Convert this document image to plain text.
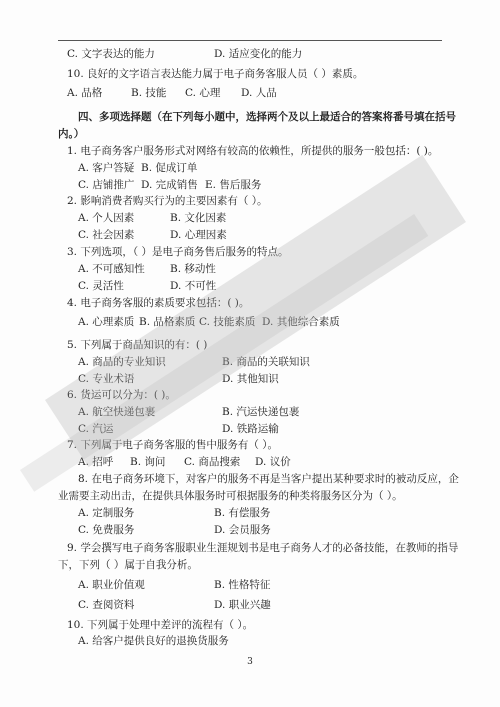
C. 文字表达的能力	D. 适应变化的能力
10. 良好的文字语言表达能力属于电子商务客服人员（ ）素质。
A. 品格	B. 技能 C. 心理 D. 人品
四、多项选择题（在下列每小题中，选择两个及以上最适合的答案将番号填在括号
内。）
1. 电子商务客户服务形式对网络有较高的依赖性，所提供的服务一般包括：( )。
A. 客户答疑 B. 促成订单
C. 店铺推广 D. 完成销售 E. 售后服务
2. 影响消费者购买行为的主要因素有（ ）。
A. 个人因素	B. 文化因素
C. 社会因素	D. 心理因素
3. 下列选项，（ ）是电子商务售后服务的特点。
A. 不可感知性 B. 移动性
C. 灵活性	D. 不可性
4. 电子商务客服的素质要求包括：( )。
A. 心理素质 B. 品格素质 C. 技能素质 D. 其他综合素质
5. 下列属于商品知识的有：( )
A. 商品的专业知识	B. 商品的关联知识
C. 专业术语	D. 其他知识
6. 货运可以分为：( )。
A. 航空快递包裹	B. 汽运快递包裹
C. 汽运	D. 铁路运输
7. 下列属于电子商务客服的售中服务有（ ）。
A. 招呼 B. 询问 C. 商品搜索 D. 议价
8. 在电子商务环境下，对客户的服务不再是当客户提出某种要求时的被动反应，企
业需要主动出击，在提供具体服务时可根据服务的种类将服务区分为（ ）。
A. 定制服务	B. 有偿服务
C. 免费服务	D. 会员服务
9. 学会撰写电子商务客服职业生涯规划书是电子商务人才的必备技能，在教师的指导
下，下列（ ）属于自我分析。
A. 职业价值观	B. 性格特征
C. 查阅资料	D. 职业兴趣
10. 下列属于处理中差评的流程有（ ）。
A. 给客户提供良好的退换货服务
3
